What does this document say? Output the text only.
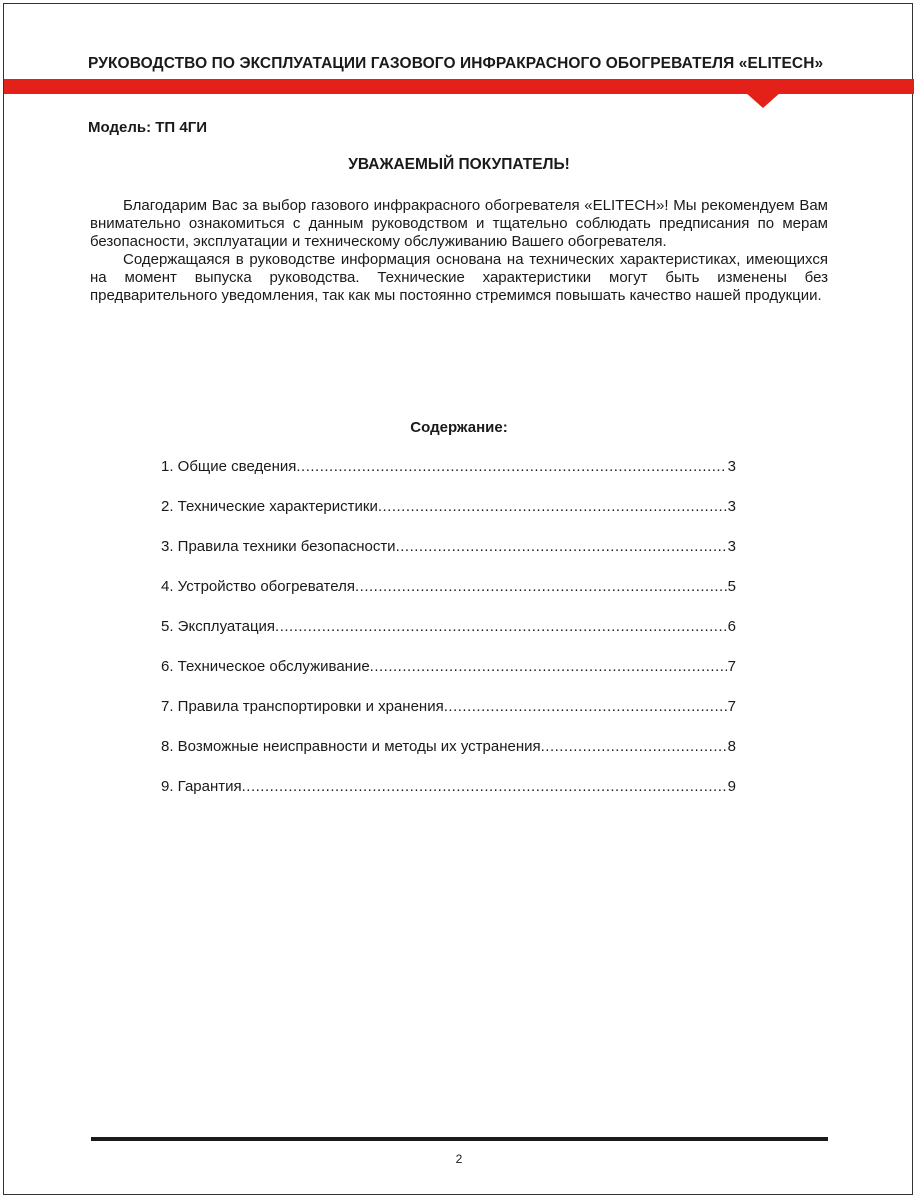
РУКОВОДСТВО ПО ЭКСПЛУАТАЦИИ ГАЗОВОГО ИНФРАКРАСНОГО ОБОГРЕВАТЕЛЯ «ELITECH»
Модель: ТП 4ГИ
УВАЖАЕМЫЙ ПОКУПАТЕЛЬ!

Благодарим Вас за выбор газового инфракрасного обогревателя «ELITECH»! Мы рекомендуем Вам внимательно ознакомиться с данным руководством и тщательно соблюдать предписания по мерам безопасности, эксплуатации и техническому обслуживанию Вашего обогревателя.

Содержащаяся в руководстве информация основана на технических характеристиках, имеющихся на момент выпуска руководства. Технические характеристики могут быть изменены без предварительного уведомления, так как мы постоянно стремимся повышать качество нашей продукции.

Содержание:
1. Общие сведения .....	3
2. Технические характеристики .....	3
3. Правила техники безопасности .....	3
4. Устройство обогревателя .....	5
5. Эксплуатация .....	6
6. Техническое обслуживание .....	7
7. Правила транспортировки и хранения .....	7
8. Возможные неисправности и методы их устранения .....	8
9. Гарантия .....	9
2
